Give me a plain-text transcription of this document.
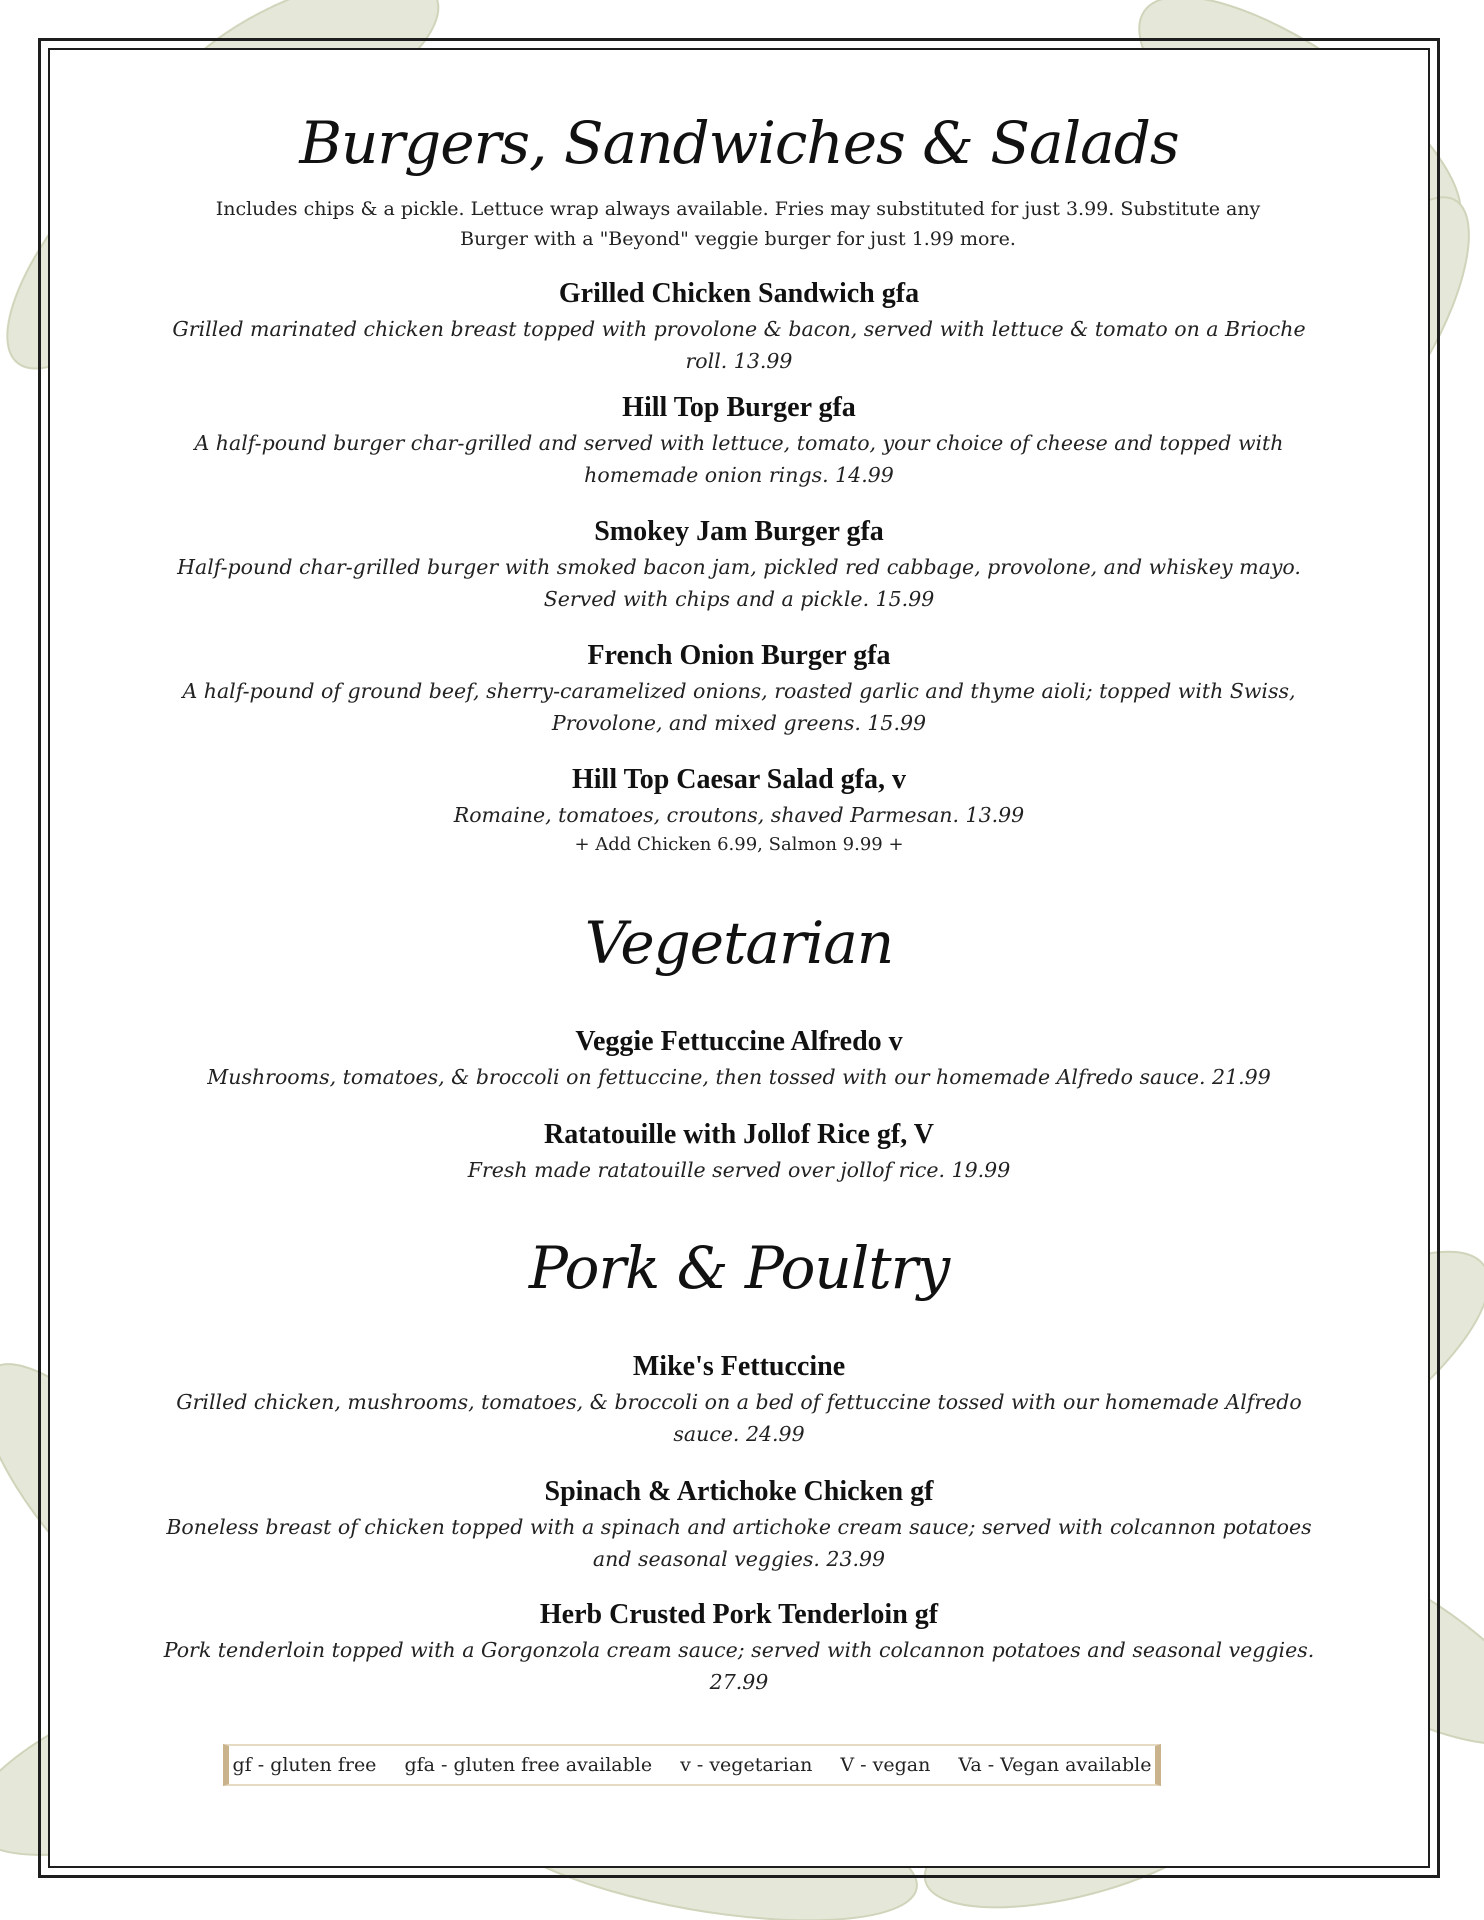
Burgers, Sandwiches & Salads
Includes chips & a pickle. Lettuce wrap always available. Fries may substituted for just 3.99. Substitute any Burger with a "Beyond" veggie burger for just 1.99 more.

Grilled Chicken Sandwich gfa

Grilled marinated chicken breast topped with provolone & bacon, served with lettuce & tomato on a Brioche roll. 13.99

Hill Top Burger gfa

A half-pound burger char-grilled and served with lettuce, tomato, your choice of cheese and topped with homemade onion rings. 14.99

Smokey Jam Burger gfa

Half-pound char-grilled burger with smoked bacon jam, pickled red cabbage, provolone, and whiskey mayo. Served with chips and a pickle. 15.99

French Onion Burger gfa

A half-pound of ground beef, sherry-caramelized onions, roasted garlic and thyme aioli; topped with Swiss, Provolone, and mixed greens. 15.99

Hill Top Caesar Salad gfa, v

Romaine, tomatoes, croutons, shaved Parmesan. 13.99

+ Add Chicken 6.99, Salmon 9.99 +

Vegetarian

Veggie Fettuccine Alfredo v

Mushrooms, tomatoes, & broccoli on fettuccine, then tossed with our homemade Alfredo sauce. 21.99

Ratatouille with Jollof Rice gf, V

Fresh made ratatouille served over jollof rice. 19.99

Pork & Poultry

Mike's Fettuccine

Grilled chicken, mushrooms, tomatoes, & broccoli on a bed of fettuccine tossed with our homemade Alfredo sauce. 24.99

Spinach & Artichoke Chicken gf

Boneless breast of chicken topped with a spinach and artichoke cream sauce; served with colcannon potatoes and seasonal veggies. 23.99

Herb Crusted Pork Tenderloin gf

Pork tenderloin topped with a Gorgonzola cream sauce; served with colcannon potatoes and seasonal veggies. 27.99

gf - gluten free gfa - gluten free available v - vegetarian V - vegan Va - Vegan available
